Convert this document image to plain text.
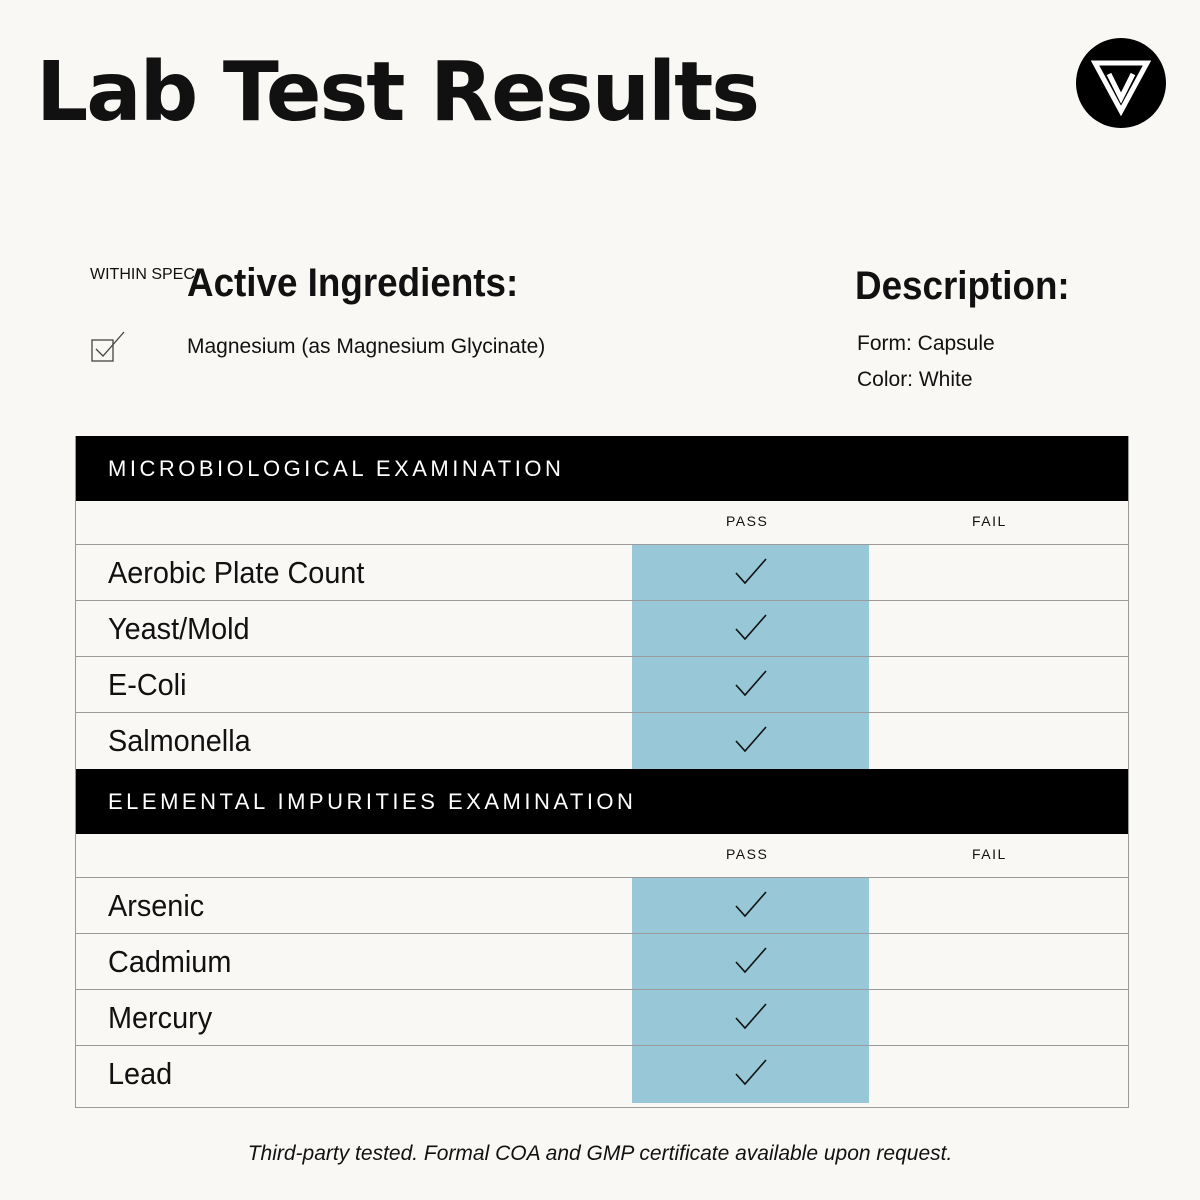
Lab Test Results
WITHIN SPEC
Active Ingredients:
Magnesium (as Magnesium Glycinate)
Description:
Form: Capsule
Color: White
MICROBIOLOGICAL EXAMINATION
PASS	FAIL
Aerobic Plate Count
Yeast/Mold
E-Coli
Salmonella
ELEMENTAL IMPURITIES EXAMINATION
PASS	FAIL
Arsenic
Cadmium
Mercury
Lead
Third-party tested. Formal COA and GMP certificate available upon request.
